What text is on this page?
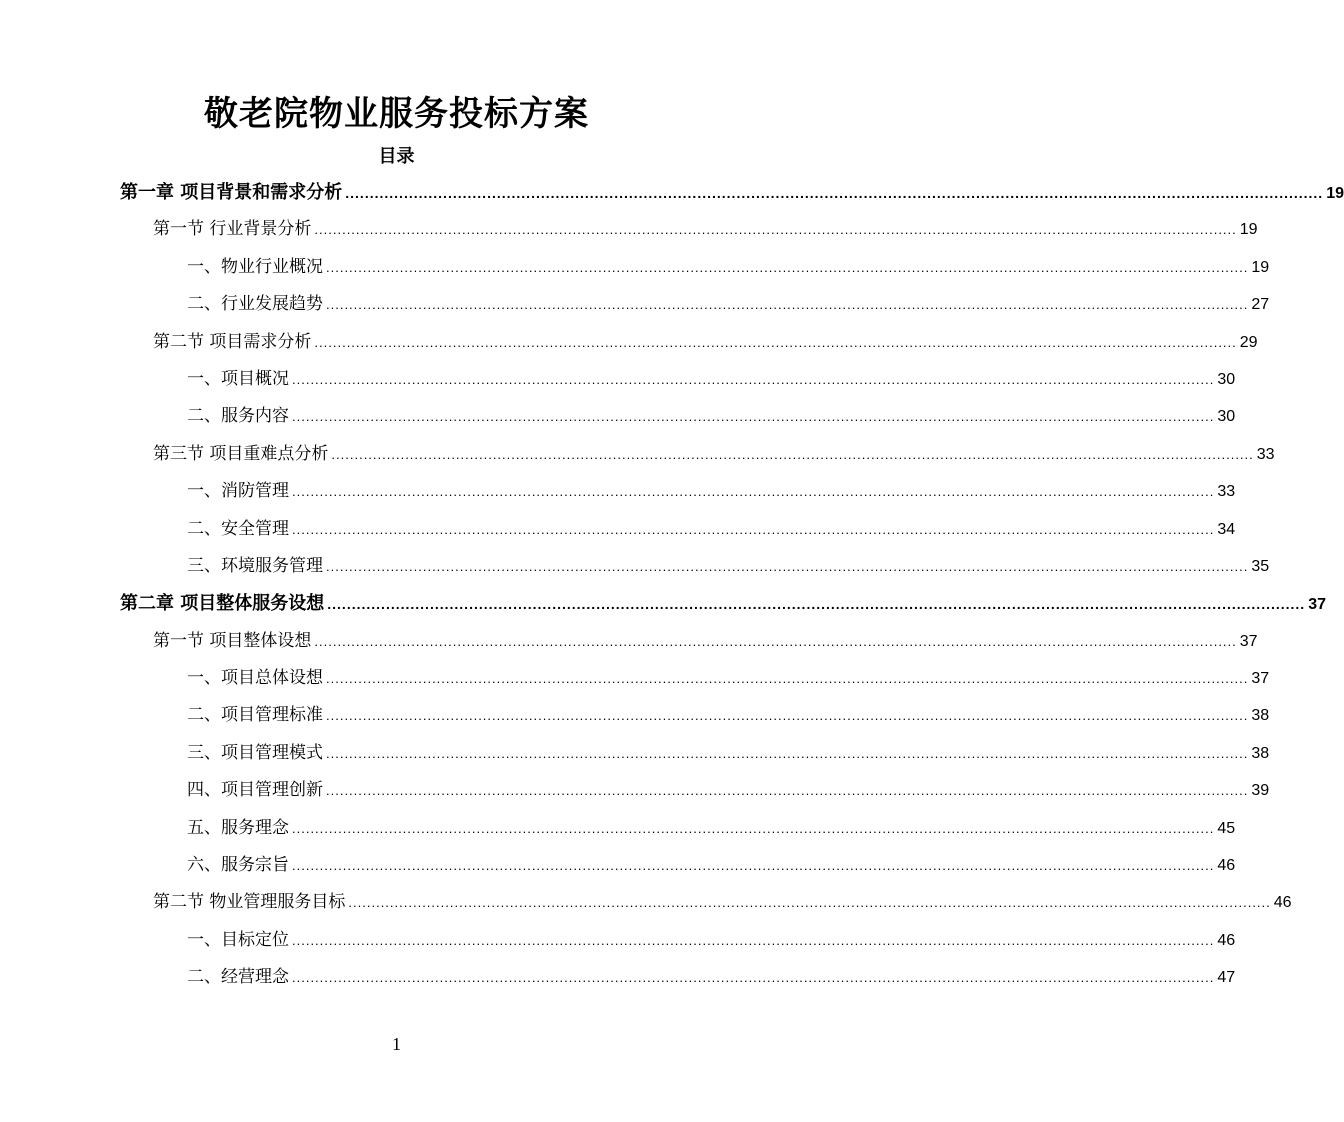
敬老院物业服务投标方案
目录
第一章 项目背景和需求分析 ........................................................................................................................................................................................................ 19
第一节 行业背景分析 ........................................................................................................................................................................................................ 19
一、物业行业概况 ........................................................................................................................................................................................................ 19
二、行业发展趋势 ........................................................................................................................................................................................................ 27
第二节 项目需求分析 ........................................................................................................................................................................................................ 29
一、项目概况 ........................................................................................................................................................................................................ 30
二、服务内容 ........................................................................................................................................................................................................ 30
第三节 项目重难点分析 ........................................................................................................................................................................................................ 33
一、消防管理 ........................................................................................................................................................................................................ 33
二、安全管理 ........................................................................................................................................................................................................ 34
三、环境服务管理 ........................................................................................................................................................................................................ 35
第二章 项目整体服务设想 ........................................................................................................................................................................................................ 37
第一节 项目整体设想 ........................................................................................................................................................................................................ 37
一、项目总体设想 ........................................................................................................................................................................................................ 37
二、项目管理标准 ........................................................................................................................................................................................................ 38
三、项目管理模式 ........................................................................................................................................................................................................ 38
四、项目管理创新 ........................................................................................................................................................................................................ 39
五、服务理念 ........................................................................................................................................................................................................ 45
六、服务宗旨 ........................................................................................................................................................................................................ 46
第二节 物业管理服务目标 ........................................................................................................................................................................................................ 46
一、目标定位 ........................................................................................................................................................................................................ 46
二、经营理念 ........................................................................................................................................................................................................ 47
1
